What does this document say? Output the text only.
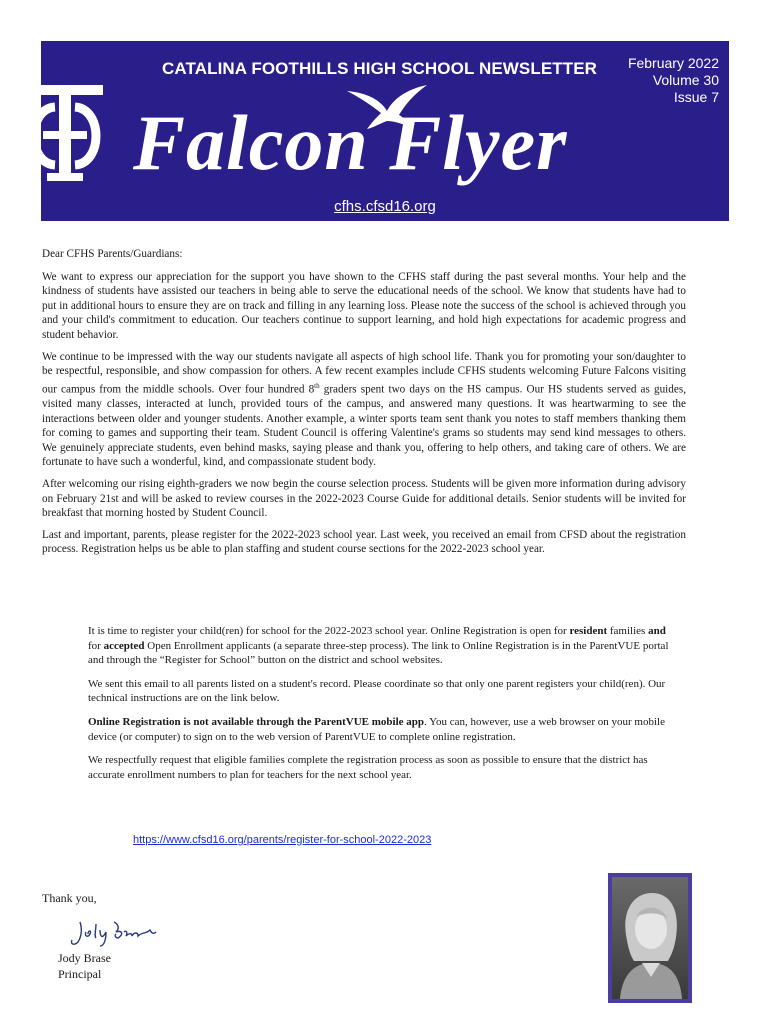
CATALINA FOOTHILLS HIGH SCHOOL NEWSLETTER February 2022
Volume 30
Issue 7
Falcon Flyer
cfhs.cfsd16.org

Dear CFHS Parents/Guardians:

We want to express our appreciation for the support you have shown to the CFHS staff during the past several months. Your help and the kindness of students have assisted our teachers in being able to serve the educational needs of the school. We know that students have had to put in additional hours to ensure they are on track and filling in any learning loss. Please note the success of the school is achieved through you and your child's commitment to education. Our teachers continue to support learning, and hold high expectations for academic progress and student behavior.

We continue to be impressed with the way our students navigate all aspects of high school life. Thank you for promoting your son/daughter to be respectful, responsible, and show compassion for others. A few recent examples include CFHS students welcoming Future Falcons visiting our campus from the middle schools. Over four hundred 8th graders spent two days on the HS campus. Our HS students served as guides, visited many classes, interacted at lunch, provided tours of the campus, and answered many questions. It was heartwarming to see the interactions between older and younger students. Another example, a winter sports team sent thank you notes to staff members thanking them for coming to games and supporting their team. Student Council is offering Valentine's grams so students may send kind messages to others. We genuinely appreciate students, even behind masks, saying please and thank you, offering to help others, and taking care of others. We are fortunate to have such a wonderful, kind, and compassionate student body.

After welcoming our rising eighth-graders we now begin the course selection process. Students will be given more information during advisory on February 21st and will be asked to review courses in the 2022-2023 Course Guide for additional details. Senior students will be invited for breakfast that morning hosted by Student Council.

Last and important, parents, please register for the 2022-2023 school year. Last week, you received an email from CFSD about the registration process. Registration helps us be able to plan staffing and student course sections for the 2022-2023 school year.

It is time to register your child(ren) for school for the 2022-2023 school year. Online Registration is open for resident families and for accepted Open Enrollment applicants (a separate three-step process). The link to Online Registration is in the ParentVUE portal and through the “Register for School” button on the district and school websites.

We sent this email to all parents listed on a student's record. Please coordinate so that only one parent registers your child(ren). Our technical instructions are on the link below.

Online Registration is not available through the ParentVUE mobile app. You can, however, use a web browser on your mobile device (or computer) to sign on to the web version of ParentVUE to complete online registration.

We respectfully request that eligible families complete the registration process as soon as possible to ensure that the district has accurate enrollment numbers to plan for teachers for the next school year.

https://www.cfsd16.org/parents/register-for-school-2022-2023
Thank you,
Jody Brase
Principal
